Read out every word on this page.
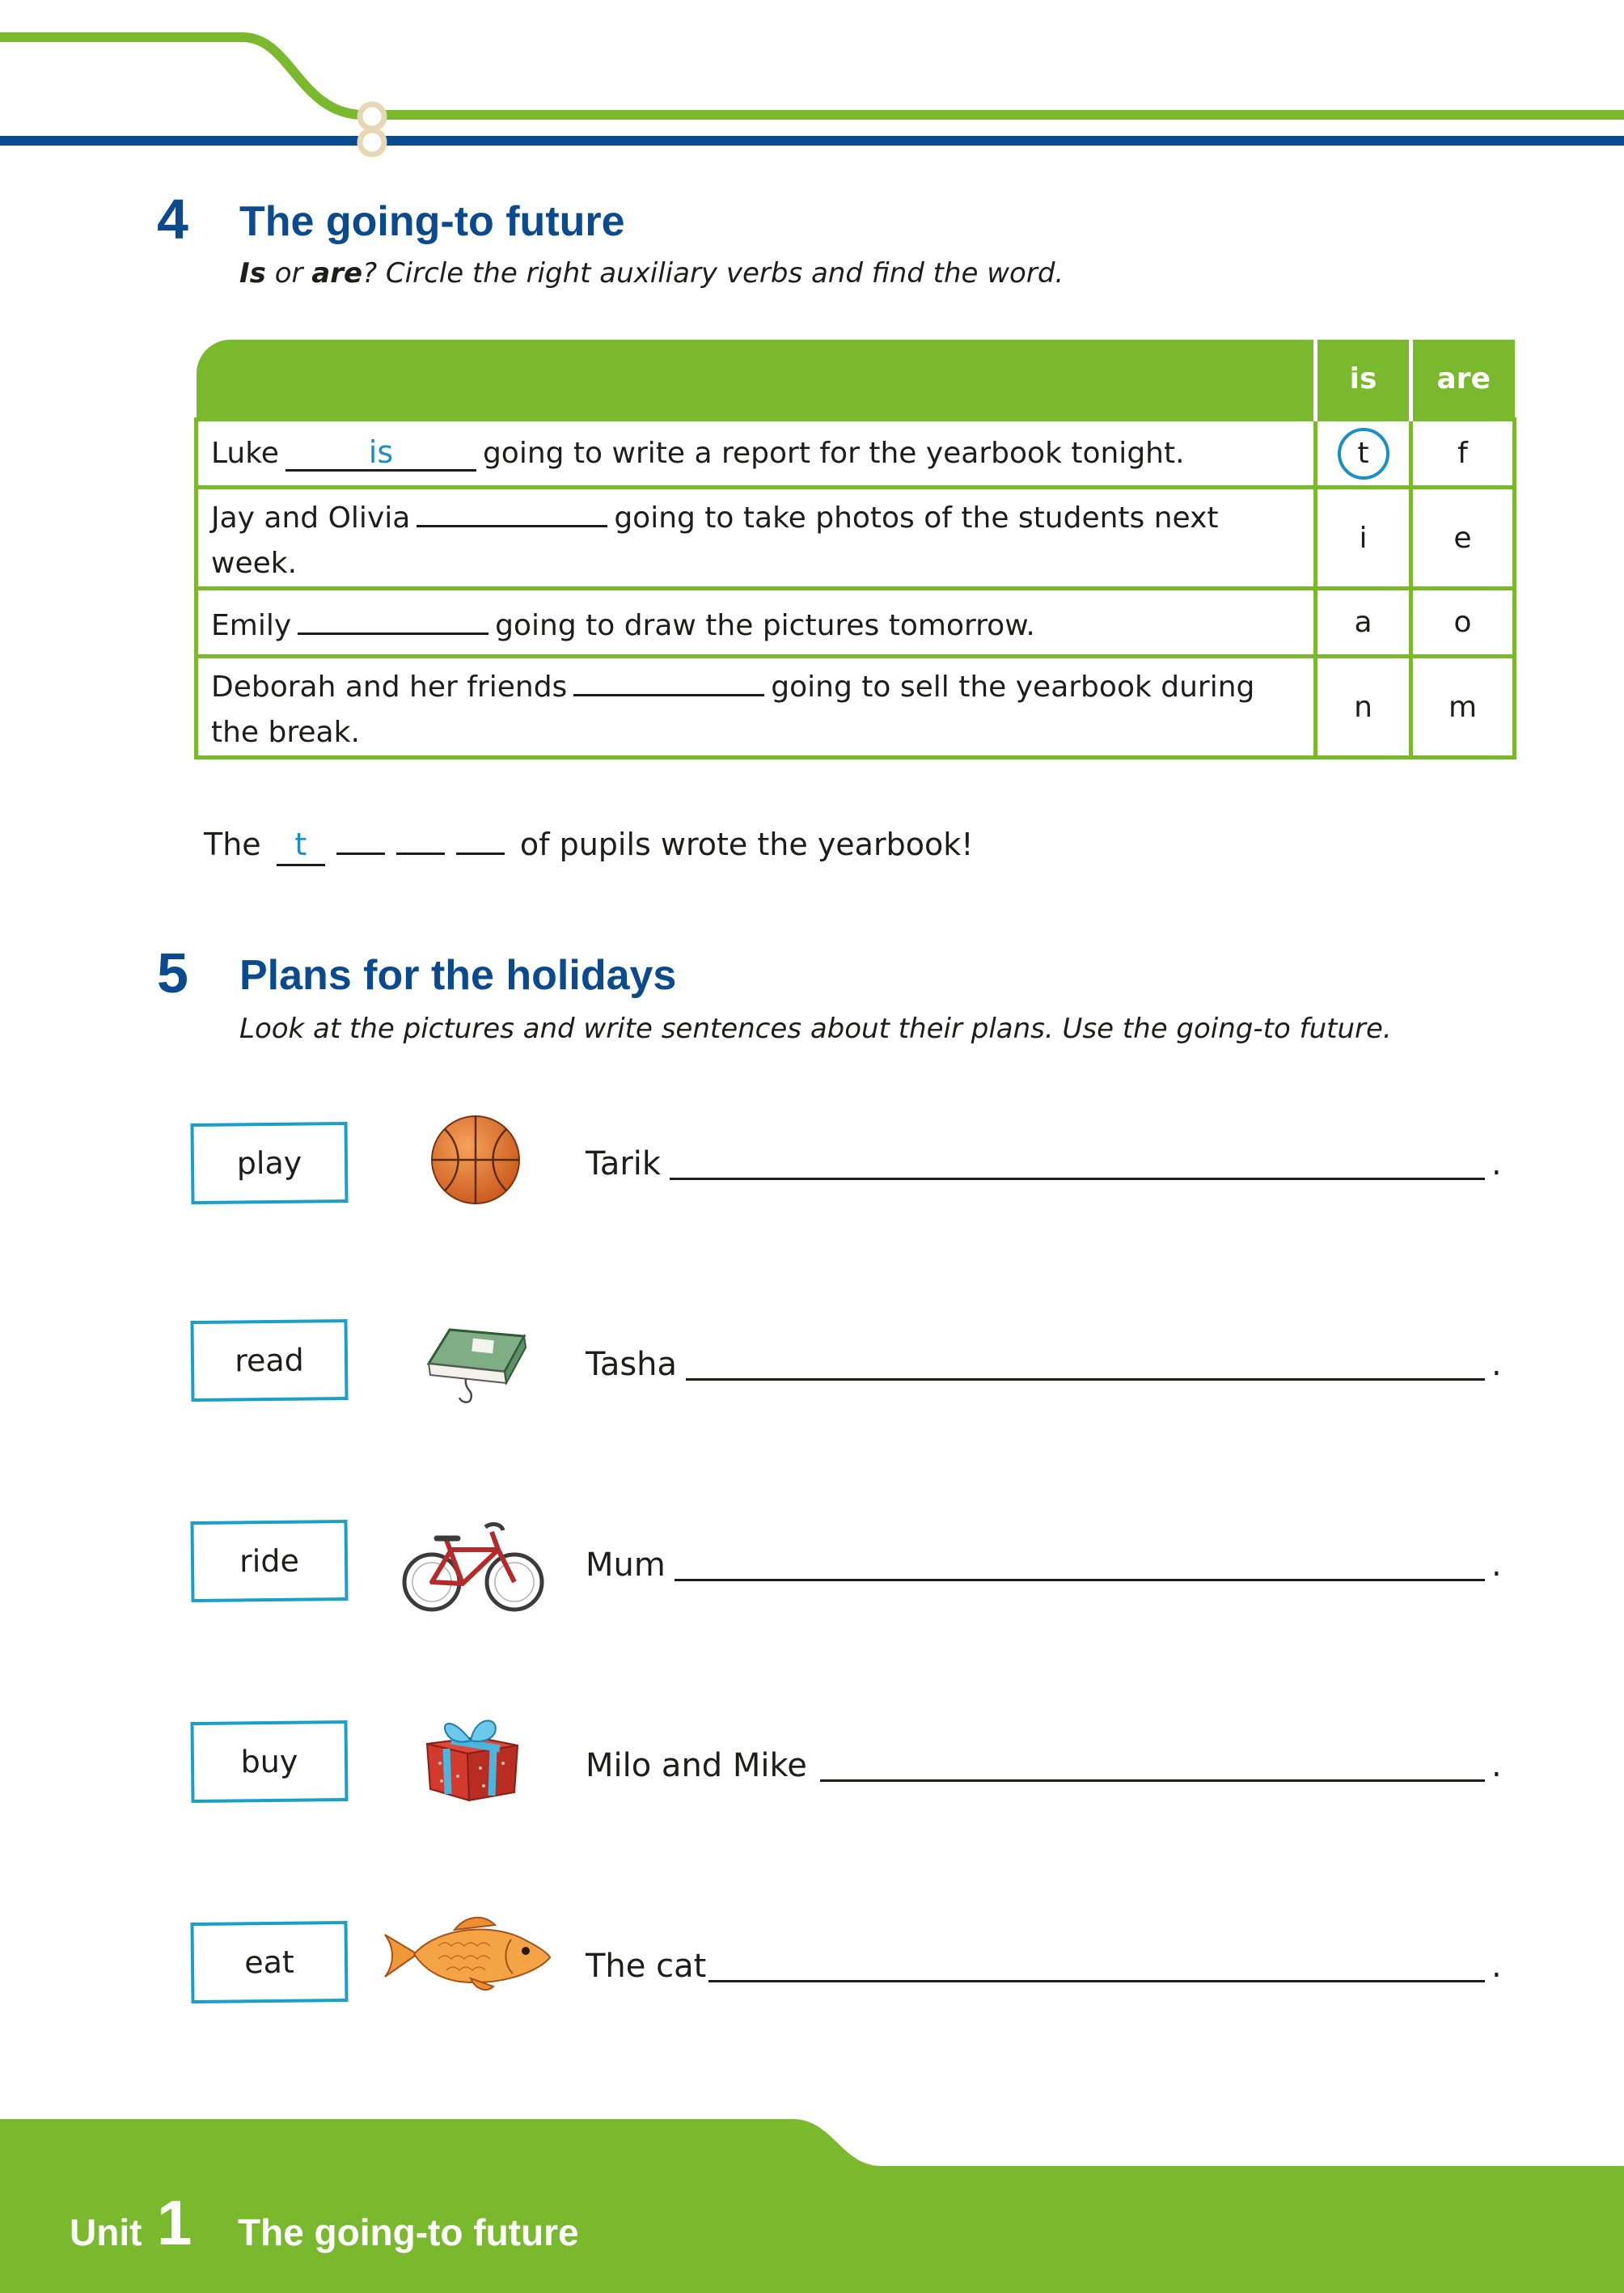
4 The going-to future
Is or are? Circle the right auxiliary verbs and find the word.
	is	are
Luke is going to write a report for the yearbook tonight.	t	f
Jay and Olivia going to take photos of the students next week.	i	e
Emily going to draw the pictures tomorrow.	a	o
Deborah and her friends going to sell the yearbook during the break.	n	m
The t	of pupils wrote the yearbook!
5 Plans for the holidays
Look at the pictures and write sentences about their plans. Use the going-to future.
play	Tarik	.
read	Tasha	.
ride	Mum	.
buy	Milo and Mike	.
eat	The cat	.
Unit 1 The going-to future
